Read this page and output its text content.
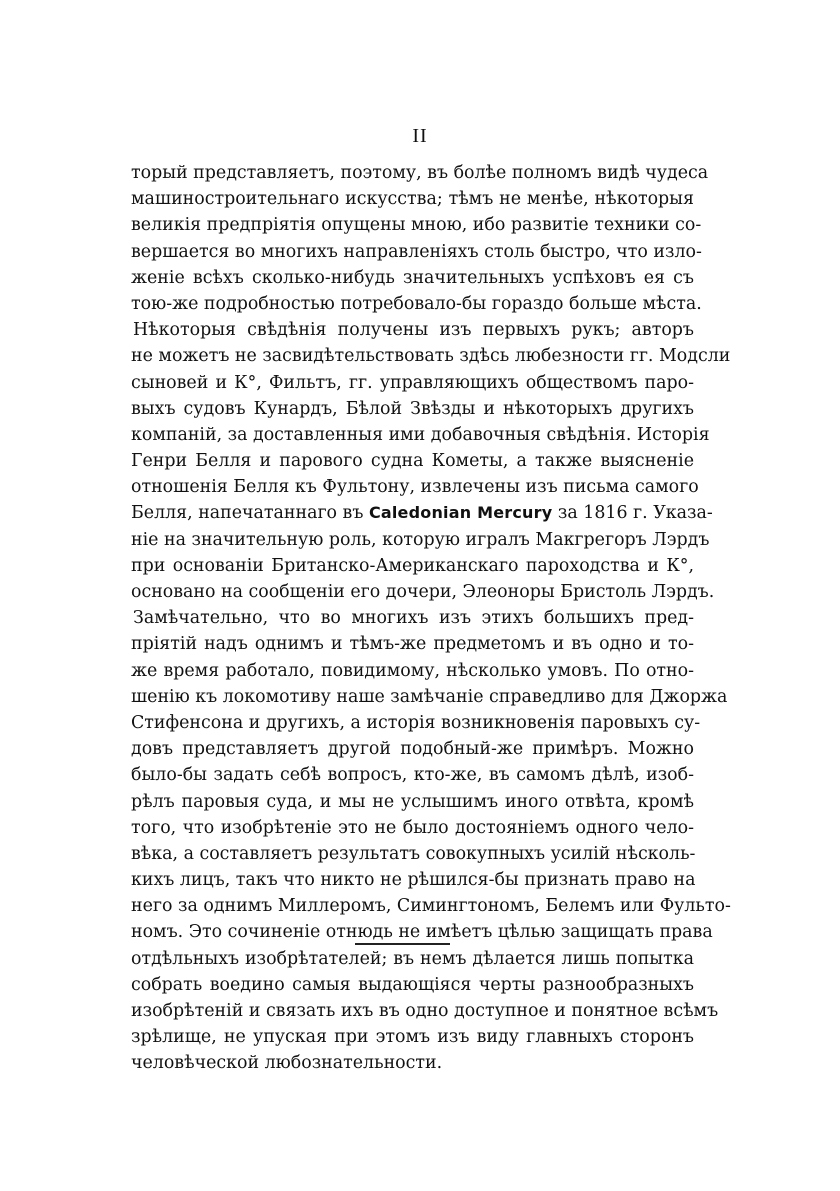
II
торый представляетъ, поэтому, въ болѣе полномъ видѣ чудеса
машиностроительнаго искусства; тѣмъ не менѣе, нѣкоторыя
великія предпріятія опущены мною, ибо развитіе техники со-
вершается во многихъ направленіяхъ столь быстро, что изло-
женіе всѣхъ сколько-нибудь значительныхъ успѣховъ ея съ
тою-же подробностью потребовало-бы гораздо больше мѣста.
Нѣкоторыя свѣдѣнія получены изъ первыхъ рукъ; авторъ
не можетъ не засвидѣтельствовать здѣсь любезности гг. Модсли
сыновей и К°, Фильтъ, гг. управляющихъ обществомъ паро-
выхъ судовъ Кунардъ, Бѣлой Звѣзды и нѣкоторыхъ другихъ
компаній, за доставленныя ими добавочныя свѣдѣнія. Исторія
Генри Белля и парового судна Кометы, а также выясненіе
отношенія Белля къ Фультону, извлечены изъ письма самого
Белля, напечатаннаго въ Caledonian Mercury за 1816 г. Указа-
ніе на значительную роль, которую игралъ Макгрегоръ Лэрдъ
при основаніи Британско-Американскаго пароходства и К°,
основано на сообщеніи его дочери, Элеоноры Бристоль Лэрдъ.
Замѣчательно, что во многихъ изъ этихъ большихъ пред-
пріятій надъ однимъ и тѣмъ-же предметомъ и въ одно и то-
же время работало, повидимому, нѣсколько умовъ. По отно-
шенію къ локомотиву наше замѣчаніе справедливо для Джоржа
Стифенсона и другихъ, а исторія возникновенія паровыхъ су-
довъ представляетъ другой подобный-же примѣръ. Можно
было-бы задать себѣ вопросъ, кто-же, въ самомъ дѣлѣ, изоб-
рѣлъ паровыя суда, и мы не услышимъ иного отвѣта, кромѣ
того, что изобрѣтеніе это не было достояніемъ одного чело-
вѣка, а составляетъ результатъ совокупныхъ усилій нѣсколь-
кихъ лицъ, такъ что никто не рѣшился-бы признать право на
него за однимъ Миллеромъ, Симингтономъ, Белемъ или Фульто-
номъ. Это сочиненіе отнюдь не имѣетъ цѣлью защищать права
отдѣльныхъ изобрѣтателей; въ немъ дѣлается лишь попытка
собрать воедино самыя выдающіяся черты разнообразныхъ
изобрѣтеній и связать ихъ въ одно доступное и понятное всѣмъ
зрѣлище, не упуская при этомъ изъ виду главныхъ сторонъ
человѣческой любознательности.
